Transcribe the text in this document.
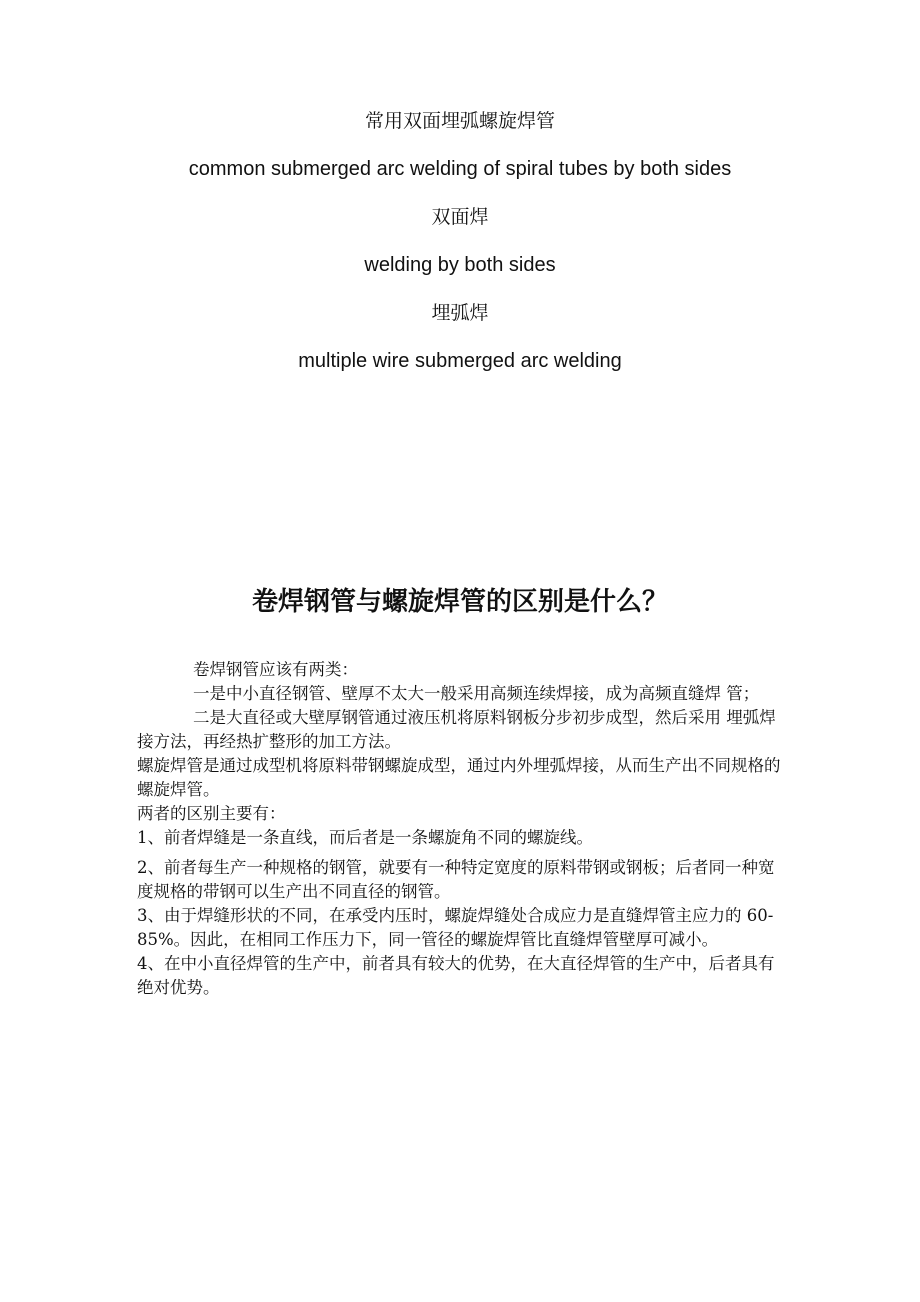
常用双面埋弧螺旋焊管
common submerged arc welding of spiral tubes by both sides
双面焊
welding by both sides
埋弧焊
multiple wire submerged arc welding
卷焊钢管与螺旋焊管的区别是什么？

卷焊钢管应该有两类：

一是中小直径钢管、壁厚不太大一般采用高频连续焊接，成为高频直缝焊 管；

二是大直径或大壁厚钢管通过液压机将原料钢板分步初步成型，然后采用 埋弧焊接方法，再经热扩整形的加工方法。

螺旋焊管是通过成型机将原料带钢螺旋成型，通过内外埋弧焊接，从而生产出不同规格的螺旋焊管。

两者的区别主要有：

1、前者焊缝是一条直线，而后者是一条螺旋角不同的螺旋线。

2、前者每生产一种规格的钢管，就要有一种特定宽度的原料带钢或钢板；后者同一种宽度规格的带钢可以生产出不同直径的钢管。

3、由于焊缝形状的不同，在承受内压时，螺旋焊缝处合成应力是直缝焊管主应力的 60-85%。因此，在相同工作压力下，同一管径的螺旋焊管比直缝焊管壁厚可减小。

4、在中小直径焊管的生产中，前者具有较大的优势，在大直径焊管的生产中，后者具有绝对优势。
